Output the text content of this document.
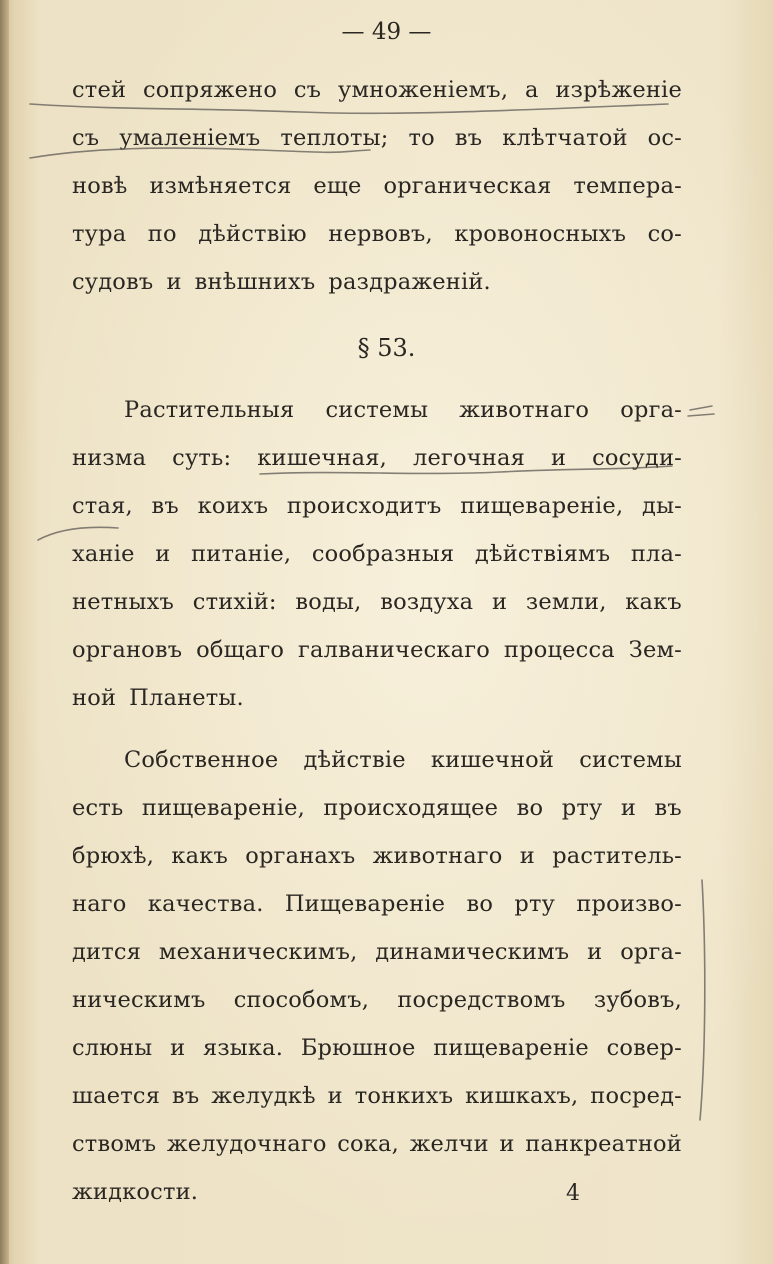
— 49 —
стей сопряжено съ умноженіемъ, а изрѣженіе
съ умаленіемъ теплоты; то въ клѣтчатой ос-
новѣ измѣняется еще органическая темпера-
тура по дѣйствію нервовъ, кровоносныхъ со-
судовъ и внѣшнихъ раздраженій.
§ 53.
Растительныя системы животнаго орга-
низма суть: кишечная, легочная и сосуди-
стая, въ коихъ происходитъ пищевареніе, ды-
ханіе и питаніе, сообразныя дѣйствіямъ пла-
нетныхъ стихій: воды, воздуха и земли, какъ
органовъ общаго галваническаго процесса Зем-
ной Планеты.
Собственное дѣйствіе кишечной системы
есть пищевареніе, происходящее во рту и въ
брюхѣ, какъ органахъ животнаго и раститель-
наго качества. Пищевареніе во рту произво-
дится механическимъ, динамическимъ и орга-
ническимъ способомъ, посредствомъ зубовъ,
слюны и языка. Брюшное пищевареніе совер-
шается въ желудкѣ и тонкихъ кишкахъ, посред-
ствомъ желудочнаго сока, желчи и панкреатной
жидкости.	4
